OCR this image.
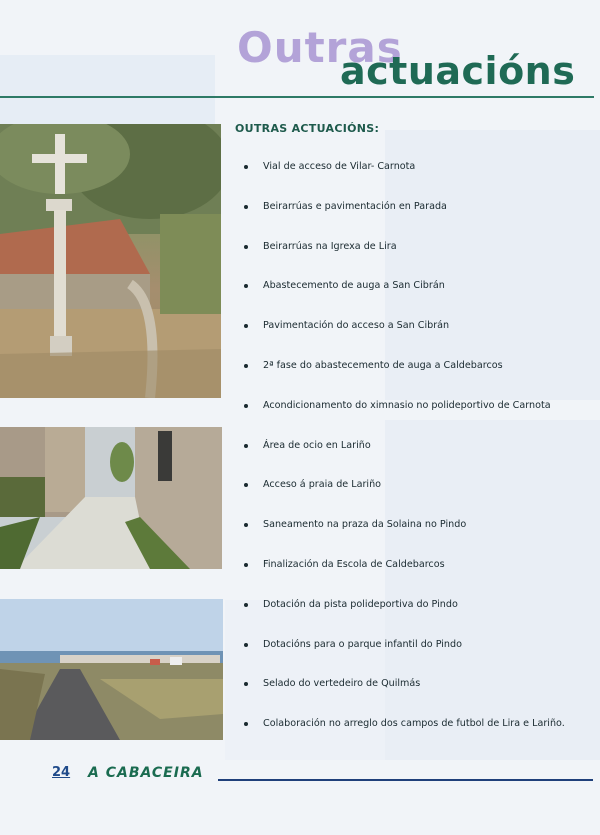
Outras
actuacións
OUTRAS ACTUACIÓNS:
Vial de acceso de Vilar- Carnota
Beirarrúas e pavimentación en Parada
Beirarrúas na Igrexa de Lira
Abastecemento de auga a San Cibrán
Pavimentación do acceso a San Cibrán
2ª fase do abastecemento de auga a Caldebarcos
Acondicionamento do ximnasio no polideportivo de Carnota
Área de ocio en Lariño
Acceso á praia de Lariño
Saneamento na praza da Solaina no Pindo
Finalización da Escola de Caldebarcos
Dotación da pista polideportiva do Pindo
Dotacións para o parque infantil do Pindo
Selado do vertedeiro de Quilmás
Colaboración no arreglo dos campos de futbol de Lira e Lariño.
24 A CABACEIRA
